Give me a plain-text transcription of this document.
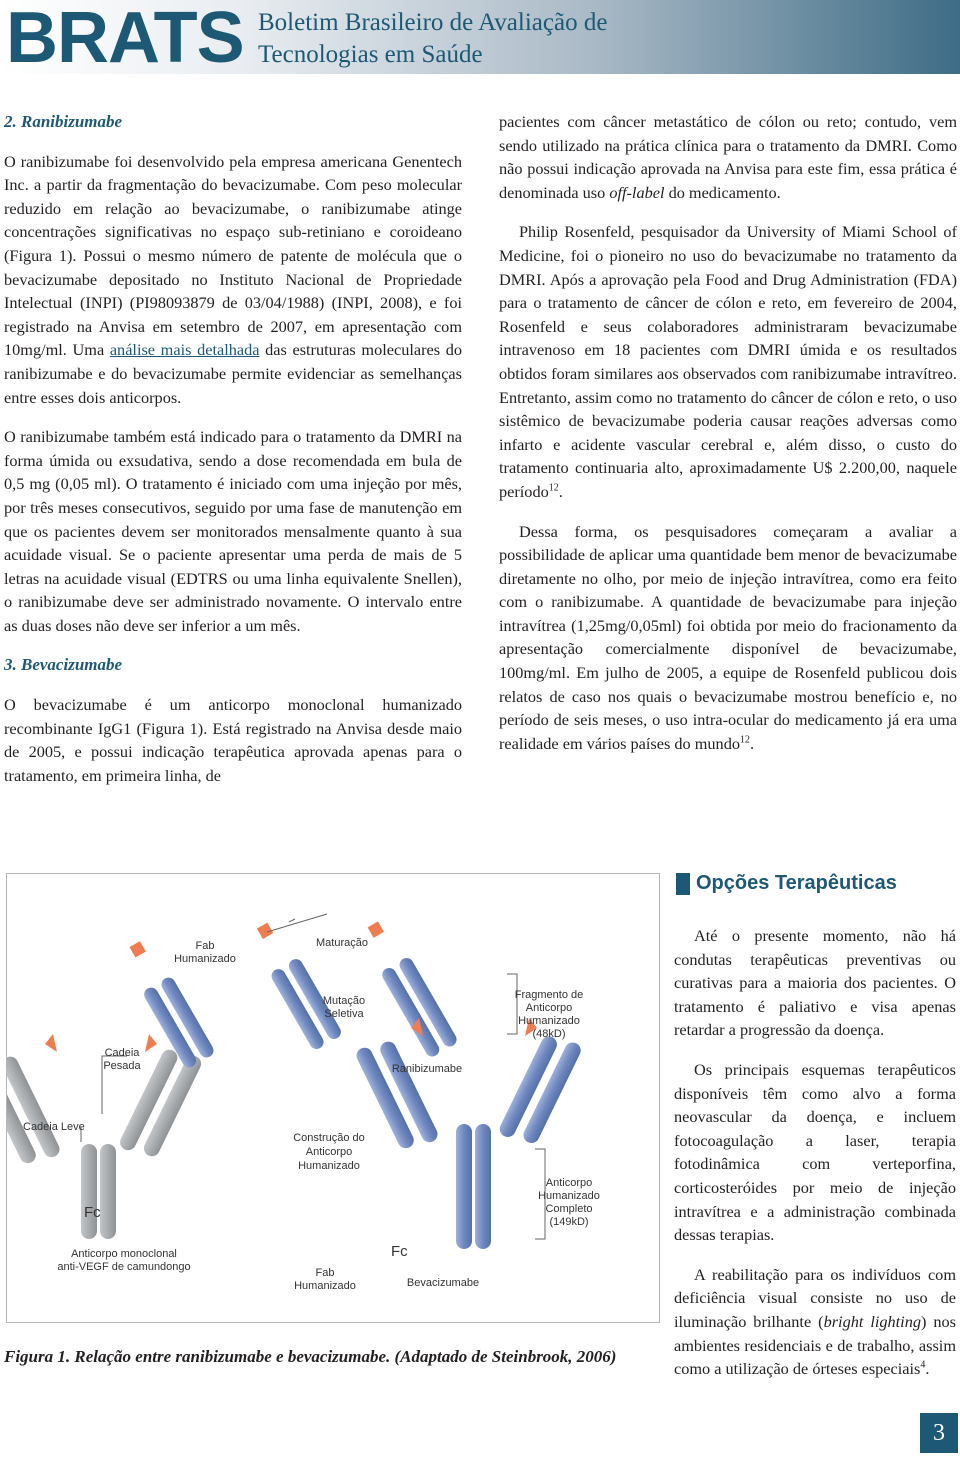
BRATS Boletim Brasileiro de Avaliação de
Tecnologias em Saúde
2. Ranibizumabe

O ranibizumabe foi desenvolvido pela empresa americana Genentech Inc. a partir da fragmentação do bevacizumabe. Com peso molecular reduzido em relação ao bevacizumabe, o ranibizumabe atinge concentrações significativas no espaço sub-retiniano e coroideano (Figura 1). Possui o mesmo número de patente de molécula que o bevacizumabe depositado no Instituto Nacional de Propriedade Intelectual (INPI) (PI98093879 de 03/04/1988) (INPI, 2008), e foi registrado na Anvisa em setembro de 2007, em apresentação com 10mg/ml. Uma análise mais detalhada das estruturas moleculares do ranibizumabe e do bevacizumabe permite evidenciar as semelhanças entre esses dois anticorpos.

O ranibizumabe também está indicado para o tratamento da DMRI na forma úmida ou exsudativa, sendo a dose recomendada em bula de 0,5 mg (0,05 ml). O tratamento é iniciado com uma injeção por mês, por três meses consecutivos, seguido por uma fase de manutenção em que os pacientes devem ser monitorados mensalmente quanto à sua acuidade visual. Se o paciente apresentar uma perda de mais de 5 letras na acuidade visual (EDTRS ou uma linha equivalente Snellen), o ranibizumabe deve ser administrado novamente. O intervalo entre as duas doses não deve ser inferior a um mês.

3. Bevacizumabe

O bevacizumabe é um anticorpo monoclonal humanizado recombinante IgG1 (Figura 1). Está registrado na Anvisa desde maio de 2005, e possui indicação terapêutica aprovada apenas para o tratamento, em primeira linha, de

pacientes com câncer metastático de cólon ou reto; contudo, vem sendo utilizado na prática clínica para o tratamento da DMRI. Como não possui indicação aprovada na Anvisa para este fim, essa prática é denominada uso off-label do medicamento.

Philip Rosenfeld, pesquisador da University of Miami School of Medicine, foi o pioneiro no uso do bevacizumabe no tratamento da DMRI. Após a aprovação pela Food and Drug Administration (FDA) para o tratamento de câncer de cólon e reto, em fevereiro de 2004, Rosenfeld e seus colaboradores administraram bevacizumabe intravenoso em 18 pacientes com DMRI úmida e os resultados obtidos foram similares aos observados com ranibizumabe intravítreo. Entretanto, assim como no tratamento do câncer de cólon e reto, o uso sistêmico de bevacizumabe poderia causar reações adversas como infarto e acidente vascular cerebral e, além disso, o custo do tratamento continuaria alto, aproximadamente U$ 2.200,00, naquele período$^{12}$.

Dessa forma, os pesquisadores começaram a avaliar a possibilidade de aplicar uma quantidade bem menor de bevacizumabe diretamente no olho, por meio de injeção intravítrea, como era feito com o ranibizumabe. A quantidade de bevacizumabe para injeção intravítrea (1,25mg/0,05ml) foi obtida por meio do fracionamento da apresentação comercialmente disponível de bevacizumabe, 100mg/ml. Em julho de 2005, a equipe de Rosenfeld publicou dois relatos de caso nos quais o bevacizumabe mostrou benefício e, no período de seis meses, o uso intra-ocular do medicamento já era uma realidade em vários países do mundo$^{12}$.

Fab Humanizado
Maturação
Mutação Seletiva
Fragmento de Anticorpo Humanizado (48kD)
Ranibizumabe
Cadeia Pesada
Cadeia Leve
Construção do Anticorpo Humanizado
Anticorpo Humanizado Completo (149kD)
Anticorpo monoclonal anti-VEGF de camundongo	Fab Humanizado	Bevacizumabe
Fc
Fc
Figura 1. Relação entre ranibizumabe e bevacizumabe. (Adaptado de Steinbrook, 2006)
Opções Terapêuticas

Até o presente momento, não há condutas terapêuticas preventivas ou curativas para a maioria dos pacientes. O tratamento é paliativo e visa apenas retardar a progressão da doença.

Os principais esquemas terapêuticos disponíveis têm como alvo a forma neovascular da doença, e incluem fotocoagulação a laser, terapia fotodinâmica com verteporfina, corticosteróides por meio de injeção intravítrea e a administração combinada dessas terapias.

A reabilitação para os indivíduos com deficiência visual consiste no uso de iluminação brilhante (bright lighting) nos ambientes residenciais e de trabalho, assim como a utilização de órteses especiais$^4$.

3
